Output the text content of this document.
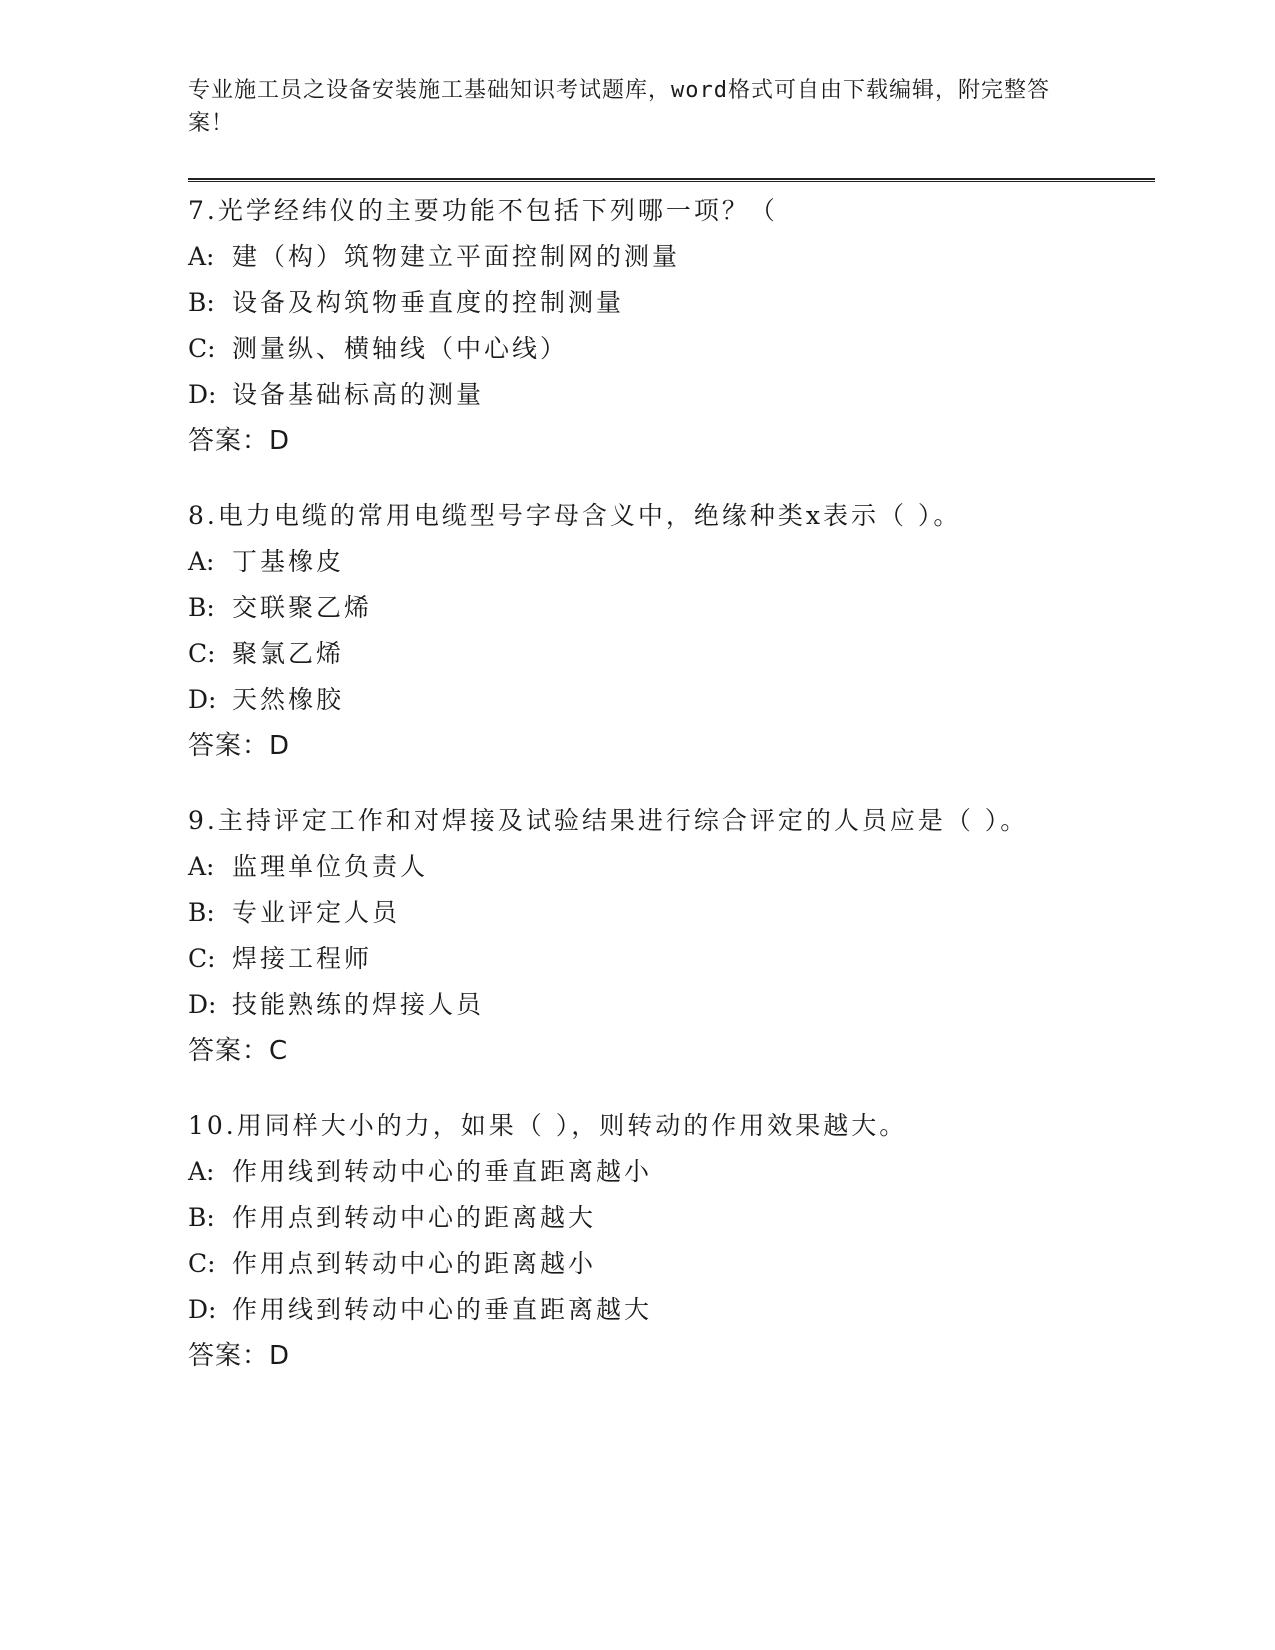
专业施工员之设备安装施工基础知识考试题库，word格式可自由下载编辑，附完整答案！
7.光学经纬仪的主要功能不包括下列哪一项？（
A: 建（构）筑物建立平面控制网的测量
B: 设备及构筑物垂直度的控制测量
C: 测量纵、横轴线（中心线）
D: 设备基础标高的测量
答案：D
8.电力电缆的常用电缆型号字母含义中，绝缘种类x表示（ ）。
A: 丁基橡皮
B: 交联聚乙烯
C: 聚氯乙烯
D: 天然橡胶
答案：D
9.主持评定工作和对焊接及试验结果进行综合评定的人员应是（ ）。
A: 监理单位负责人
B: 专业评定人员
C: 焊接工程师
D: 技能熟练的焊接人员
答案：C
10.用同样大小的力，如果（ ），则转动的作用效果越大。
A: 作用线到转动中心的垂直距离越小
B: 作用点到转动中心的距离越大
C: 作用点到转动中心的距离越小
D: 作用线到转动中心的垂直距离越大
答案：D
